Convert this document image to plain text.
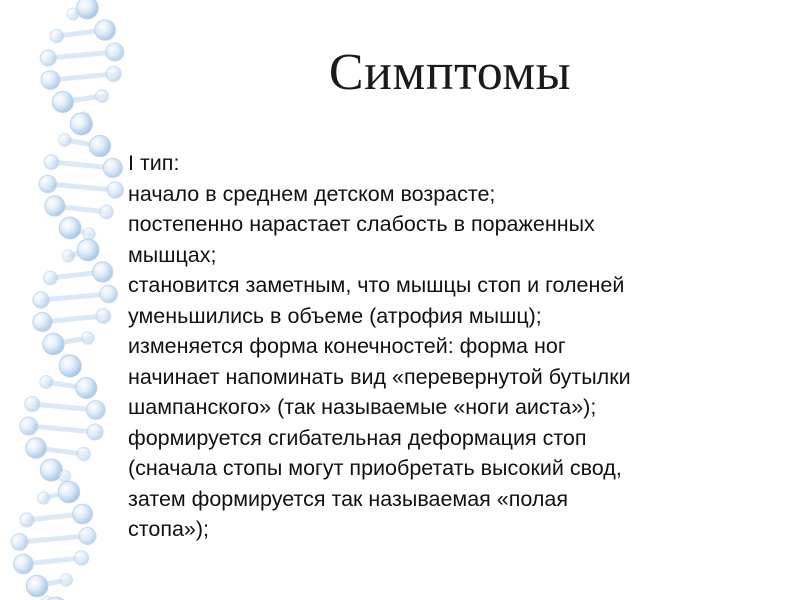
Симптомы

I тип:

начало в среднем детском возрасте;

постепенно нарастает слабость в пораженных

мышцах;

становится заметным, что мышцы стоп и голеней

уменьшились в объеме (атрофия мышц);

изменяется форма конечностей: форма ног

начинает напоминать вид «перевернутой бутылки

шампанского» (так называемые «ноги аиста»);

формируется сгибательная деформация стоп

(сначала стопы могут приобретать высокий свод,

затем формируется так называемая «полая

стопа»);
